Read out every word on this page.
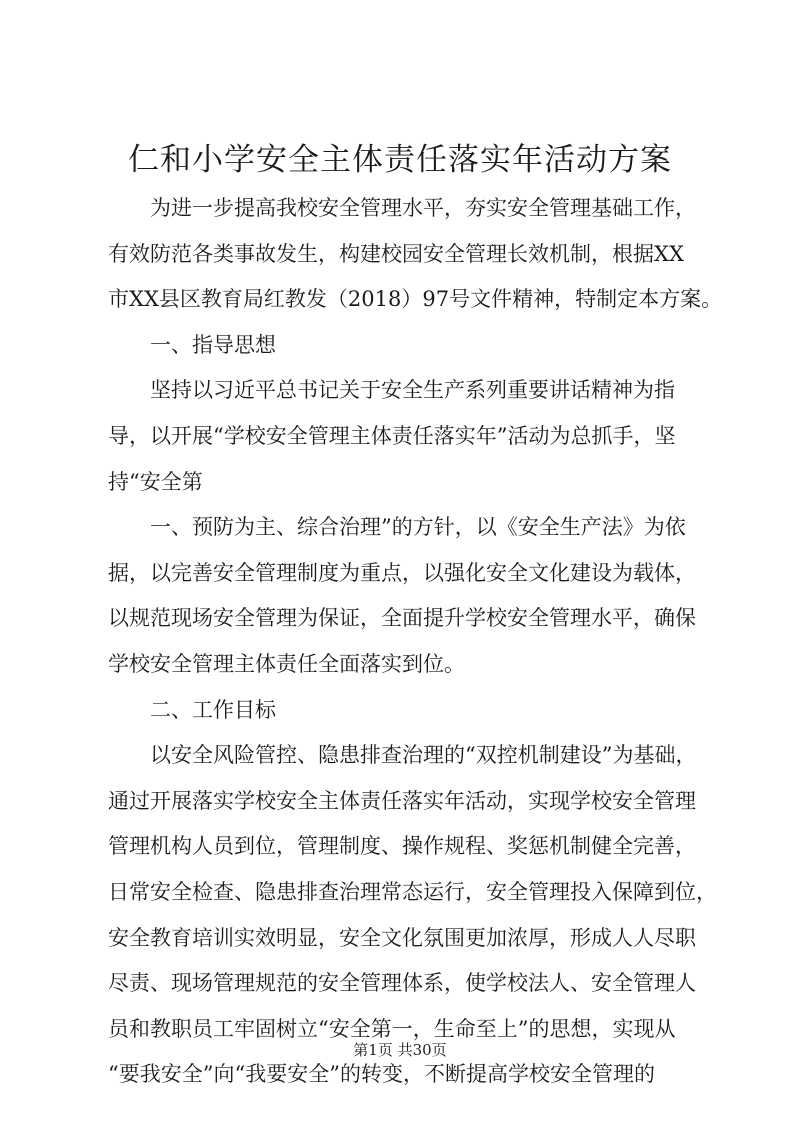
仁和小学安全主体责任落实年活动方案
为进一步提高我校安全管理水平，夯实安全管理基础工作，
有效防范各类事故发生，构建校园安全管理长效机制，根据XX
市XX县区教育局红教发（2018）97号文件精神，特制定本方案。
一、指导思想
坚持以习近平总书记关于安全生产系列重要讲话精神为指
导，以开展“学校安全管理主体责任落实年”活动为总抓手，坚
持“安全第
一、预防为主、综合治理”的方针，以《安全生产法》为依
据，以完善安全管理制度为重点，以强化安全文化建设为载体，
以规范现场安全管理为保证，全面提升学校安全管理水平，确保
学校安全管理主体责任全面落实到位。
二、工作目标
以安全风险管控、隐患排查治理的“双控机制建设”为基础，
通过开展落实学校安全主体责任落实年活动，实现学校安全管理
管理机构人员到位，管理制度、操作规程、奖惩机制健全完善，
日常安全检查、隐患排查治理常态运行，安全管理投入保障到位，
安全教育培训实效明显，安全文化氛围更加浓厚，形成人人尽职
尽责、现场管理规范的安全管理体系，使学校法人、安全管理人
员和教职员工牢固树立“安全第一，生命至上”的思想，实现从
“要我安全”向“我要安全”的转变，不断提高学校安全管理的
第1页 共30页
